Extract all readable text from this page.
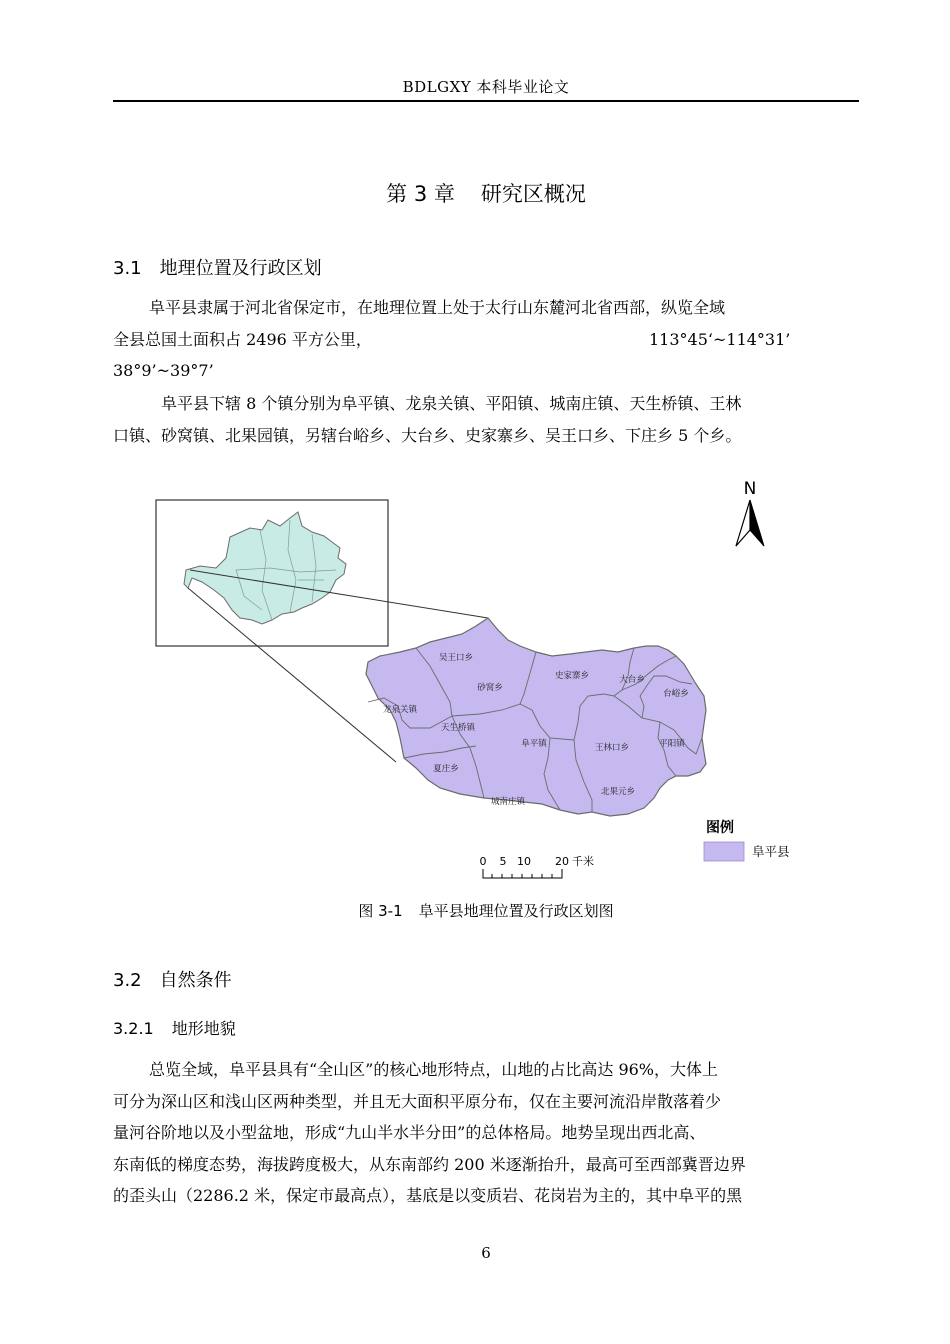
BDLGXY 本科毕业论文
第 3 章 研究区概况
3.1 地理位置及行政区划
阜平县隶属于河北省保定市，在地理位置上处于太行山东麓河北省西部，纵览全域
全县总国土面积占 2496 平方公里，	113°45‘~114°31’
38°9’~39°7’
阜平县下辖 8 个镇分别为阜平镇、龙泉关镇、平阳镇、城南庄镇、天生桥镇、王林
口镇、砂窝镇、北果园镇，另辖台峪乡、大台乡、史家寨乡、吴王口乡、下庄乡 5 个乡。
吴王口乡
砂窝乡
史家寨乡	大台乡
台峪乡
龙泉关镇
天生桥镇
阜平镇	王林口乡	平阳镇
夏庄乡
北果元乡
城南庄镇
N
图例
阜平县
0 5 10 20 千米
图 3-1 阜平县地理位置及行政区划图
3.2 自然条件
3.2.1 地形地貌
总览全域，阜平县具有“全山区”的核心地形特点，山地的占比高达 96%，大体上
可分为深山区和浅山区两种类型，并且无大面积平原分布，仅在主要河流沿岸散落着少
量河谷阶地以及小型盆地，形成“九山半水半分田”的总体格局。地势呈现出西北高、
东南低的梯度态势，海拔跨度极大，从东南部约 200 米逐渐抬升，最高可至西部冀晋边界
的歪头山（2286.2 米，保定市最高点），基底是以变质岩、花岗岩为主的，其中阜平的黑
6
